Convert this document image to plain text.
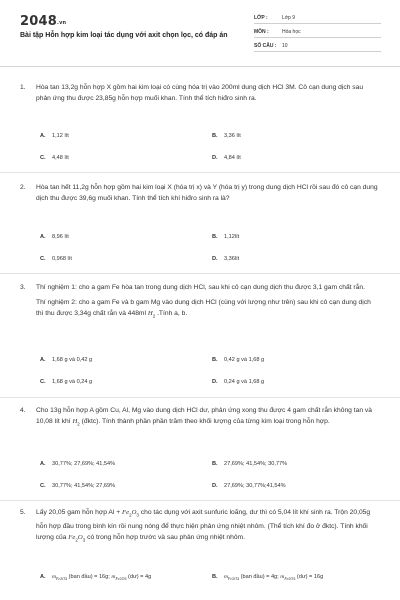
2048.vn
Bài tập Hỗn hợp kim loại tác dụng với axit chọn lọc, có đáp án
LỚP :	Lớp 9
MÔN :	Hóa học
SỐ CÂU : 10
1.	Hòa tan 13,2g hỗn hợp X gồm hai kim loại có cùng hóa trị vào 200ml dung dịch HCl 3M. Cô cạn dung dịch sau phản ứng thu được 23,85g hỗn hợp muối khan. Tính thể tích hiđro sinh ra.

A. 1,12 lít	B. 3,36 lít
C. 4,48 lít	D. 4,84 lít
2.	Hòa tan hết 11,2g hỗn hợp gồm hai kim loại X (hóa trị x) và Y (hóa trị y) trong dung dịch HCl rồi sau đó cô cạn dung dịch thu được 39,6g muối khan. Tính thể tích khí hiđro sinh ra là?

A. 8,96 lít	B. 1,12lít
C. 0,968 lít	D. 3,36lít
3.	Thí nghiệm 1: cho a gam Fe hòa tan trong dung dịch HCl, sau khi cô cạn dung dịch thu được 3,1 gam chất rắn.

Thí nghiệm 2: cho a gam Fe và b gam Mg vào dung dịch HCl (cùng với lượng như trên) sau khi cô cạn dung dịch thì thu được 3,34g chất rắn và 448ml $H_2$ .Tính a, b.

A. 1,68 g và 0,42 g	B. 0,42 g và 1,68 g
C. 1,68 g và 0,24 g	D. 0,24 g và 1,68 g
4.	Cho 13g hỗn hợp A gồm Cu, Al, Mg vào dung dịch HCl dư, phản ứng xong thu được 4 gam chất rắn không tan và 10,08 lít khí $H_2$ (đktc). Tính thành phần phần trăm theo khối lượng của từng kim loại trong hỗn hợp.

A. 30,77%; 27,69%; 41,54%	B. 27,69%; 41,54%; 30,77%
C. 30,77%; 41,54%; 27,69%	D. 27,69%; 30,77%;41,54%
5.	Lấy 20,05 gam hỗn hợp $Al + Fe_2O_3$ cho tác dụng với axit sunfuric loãng, dư thì có 5,04 lít khí sinh ra. Trộn 20,05g hỗn hợp đầu trong bình kín rồi nung nóng để thực hiện phản ứng nhiệt nhôm. (Thể tích khí đo ở đktc). Tính khối lượng của $Fe_2O_3$ có trong hỗn hợp trước và sau phản ứng nhiệt nhôm.

A. $m_{Fe2O3}$ (ban đầu) = 16g; $m_{Fe2O3}$ (dư) = 4g	B. $m_{Fe2O3}$ (ban đầu) = 4g; $m_{Fe2O3}$ (dư) = 16g
